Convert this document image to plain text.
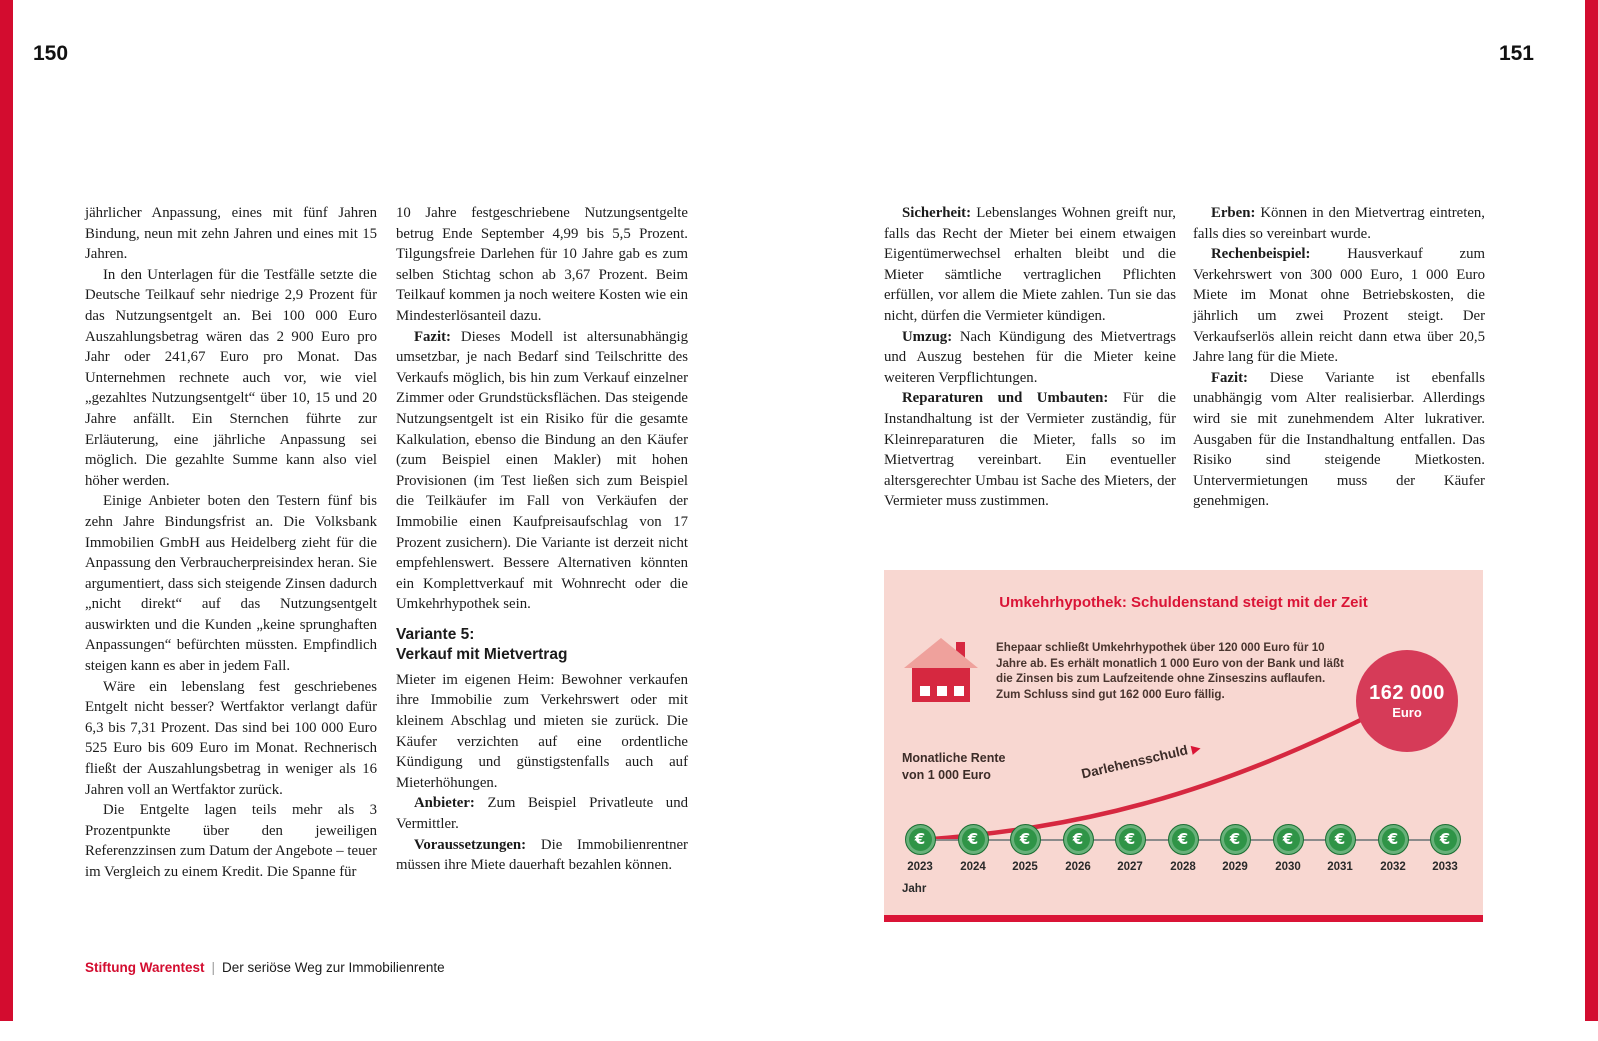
150	151

jährlicher Anpassung, eines mit fünf Jahren Bindung, neun mit zehn Jahren und eines mit 15 Jahren.

In den Unterlagen für die Testfälle setzte die Deutsche Teilkauf sehr niedrige 2,9 Prozent für das Nutzungsentgelt an. Bei 100 000 Euro Auszahlungsbetrag wären das 2 900 Euro pro Jahr oder 241,67 Euro pro Monat. Das Unternehmen rechnete auch vor, wie viel „gezahltes Nutzungsentgelt“ über 10, 15 und 20 Jahre anfällt. Ein Sternchen führte zur Erläuterung, eine jährliche Anpassung sei möglich. Die gezahlte Summe kann also viel höher werden.

Einige Anbieter boten den Testern fünf bis zehn Jahre Bindungsfrist an. Die Volksbank Immobilien GmbH aus Heidelberg zieht für die Anpassung den Verbraucherpreisindex heran. Sie argumentiert, dass sich steigende Zinsen dadurch „nicht direkt“ auf das Nutzungsentgelt auswirkten und die Kunden „keine sprunghaften Anpassungen“ befürchten müssten. Empfindlich steigen kann es aber in jedem Fall.

Wäre ein lebenslang fest geschriebenes Entgelt nicht besser? Wertfaktor verlangt dafür 6,3 bis 7,31 Prozent. Das sind bei 100 000 Euro 525 Euro bis 609 Euro im Monat. Rechnerisch fließt der Auszahlungsbetrag in weniger als 16 Jahren voll an Wertfaktor zurück.

Die Entgelte lagen teils mehr als 3 Prozentpunkte über den jeweiligen Referenzzinsen zum Datum der Angebote – teuer im Vergleich zu einem Kredit. Die Spanne für

10 Jahre festgeschriebene Nutzungsentgelte betrug Ende September 4,99 bis 5,5 Prozent. Tilgungsfreie Darlehen für 10 Jahre gab es zum selben Stichtag schon ab 3,67 Prozent. Beim Teilkauf kommen ja noch weitere Kosten wie ein Mindesterlösanteil dazu.

Fazit: Dieses Modell ist altersunabhängig umsetzbar, je nach Bedarf sind Teilschritte des Verkaufs möglich, bis hin zum Verkauf einzelner Zimmer oder Grundstücksflächen. Das steigende Nutzungsentgelt ist ein Risiko für die gesamte Kalkulation, ebenso die Bindung an den Käufer (zum Beispiel einen Makler) mit hohen Provisionen (im Test ließen sich zum Beispiel die Teilkäufer im Fall von Verkäufen der Immobilie einen Kaufpreisaufschlag von 17 Prozent zusichern). Die Variante ist derzeit nicht empfehlenswert. Bessere Alternativen könnten ein Komplettverkauf mit Wohnrecht oder die Umkehrhypothek sein.

Variante 5:
Verkauf mit Mietvertrag

Mieter im eigenen Heim: Bewohner verkaufen ihre Immobilie zum Verkehrswert oder mit kleinem Abschlag und mieten sie zurück. Die Käufer verzichten auf eine ordentliche Kündigung und günstigstenfalls auch auf Mieterhöhungen.

Anbieter: Zum Beispiel Privatleute und Vermittler.

Voraussetzungen: Die Immobilienrentner müssen ihre Miete dauerhaft bezahlen können.

Sicherheit: Lebenslanges Wohnen greift nur, falls das Recht der Mieter bei einem etwaigen Eigentümerwechsel erhalten bleibt und die Mieter sämtliche vertraglichen Pflichten erfüllen, vor allem die Miete zahlen. Tun sie das nicht, dürfen die Vermieter kündigen.

Umzug: Nach Kündigung des Mietvertrags und Auszug bestehen für die Mieter keine weiteren Verpflichtungen.

Reparaturen und Umbauten: Für die Instandhaltung ist der Vermieter zuständig, für Kleinreparaturen die Mieter, falls so im Mietvertrag vereinbart. Ein eventueller altersgerechter Umbau ist Sache des Mieters, der Vermieter muss zustimmen.

Erben: Können in den Mietvertrag eintreten, falls dies so vereinbart wurde.

Rechenbeispiel: Hausverkauf zum Verkehrswert von 300 000 Euro, 1 000 Euro Miete im Monat ohne Betriebskosten, die jährlich um zwei Prozent steigt. Der Verkaufserlös allein reicht dann etwa über 20,5 Jahre lang für die Miete.

Fazit: Diese Variante ist ebenfalls unabhängig vom Alter realisierbar. Allerdings wird sie mit zunehmendem Alter lukrativer. Ausgaben für die Instandhaltung entfallen. Das Risiko sind steigende Mietkosten. Untervermietungen muss der Käufer genehmigen.

Umkehrhypothek: Schuldenstand steigt mit der Zeit
Ehepaar schließt Umkehrhypothek über 120 000 Euro für 10 Jahre ab. Es erhält monatlich 1 000 Euro von der Bank und läßt die Zinsen bis zum Laufzeitende ohne Zinseszins auflaufen. Zum Schluss sind gut 162 000 Euro fällig.	162 000
Euro
Monatliche Rente
von 1 000 Euro	Darlehensschuld▶
€	€	€	€	€	€	€	€	€	€	€
2023 2024 2025 2026 2027 2028 2029 2030 2031 2032 2033
Jahr
Stiftung Warentest | Der seriöse Weg zur Immobilienrente
